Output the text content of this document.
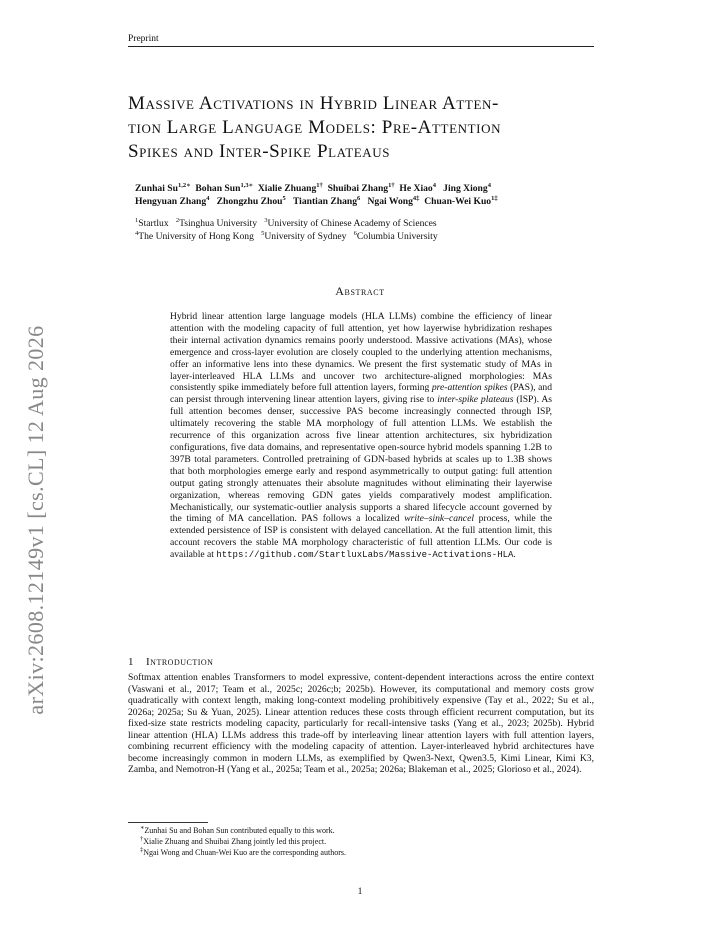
Preprint
arXiv:2608.12149v1 [cs.CL] 12 Aug 2026
Massive Activations in Hybrid Linear Atten-
tion Large Language Models: Pre-Attention
Spikes and Inter-Spike Plateaus
Zunhai $Su^{1,2∗}$  Bohan Sun$^{1,3∗}$  Xialie Zhuang$^{1\dagger}$  Shuibai Zhang$^{1\dagger}$  He Xiao$^4$   Jing Xiong$^4$
Hengyuan Zhang$^4$   Zhongzhu Zhou$^5$   Tiantian Zhang$^6$   Ngai Wong$^{4\ddagger}$  Chuan-Wei Kuo$^{1\ddagger}$
$^1$Startlux   $^2$Tsinghua University   $^3$University of Chinese Academy of Sciences
$^4$The University of Hong Kong   $^5$University of Sydney   $^6$Columbia University
Abstract
Hybrid linear attention large language models (HLA LLMs) combine the efficiency of linear attention with the modeling capacity of full attention, yet how layerwise hybridization reshapes their internal activation dynamics remains poorly understood. Massive activations (MAs), whose emergence and cross-layer evolution are closely coupled to the underlying attention mechanisms, offer an informative lens into these dynamics. We present the first systematic study of MAs in layer-interleaved HLA LLMs and uncover two architecture-aligned morphologies: MAs consistently spike immediately before full attention layers, forming pre-attention spikes (PAS), and can persist through intervening linear attention layers, giving rise to inter-spike plateaus (ISP). As full attention becomes denser, successive PAS become increasingly connected through ISP, ultimately recovering the stable MA morphology of full attention LLMs. We establish the recurrence of this organization across five linear attention architectures, six hybridization configurations, five data domains, and representative open-source hybrid models spanning 1.2B to 397B total parameters. Controlled pretraining of GDN-based hybrids at scales up to 1.3B shows that both morphologies emerge early and respond asymmetrically to output gating: full attention output gating strongly attenuates their absolute magnitudes without eliminating their layerwise organization, whereas removing GDN gates yields comparatively modest amplification. Mechanistically, our systematic-outlier analysis supports a shared lifecycle account governed by the timing of MA cancellation. PAS follows a localized write–sink–cancel process, while the extended persistence of ISP is consistent with delayed cancellation. At the full attention limit, this account recovers the stable MA morphology characteristic of full attention LLMs. Our code is available at https://github.com/StartluxLabs/Massive-Activations-HLA.
1 Introduction
Softmax attention enables Transformers to model expressive, content-dependent interactions across the entire context (Vaswani et al., 2017; Team et al., 2025c; 2026c;b; 2025b). However, its computational and memory costs grow quadratically with context length, making long-context modeling prohibitively expensive (Tay et al., 2022; Su et al., 2026a; 2025a; Su & Yuan, 2025). Linear attention reduces these costs through efficient recurrent computation, but its fixed-size state restricts modeling capacity, particularly for recall-intensive tasks (Yang et al., 2023; 2025b). Hybrid linear attention (HLA) LLMs address this trade-off by interleaving linear attention layers with full attention layers, combining recurrent efficiency with the modeling capacity of attention. Layer-interleaved hybrid architectures have become increasingly common in modern LLMs, as exemplified by Qwen3-Next, Qwen3.5, Kimi Linear, Kimi K3, Zamba, and Nemotron-H (Yang et al., 2025a; Team et al., 2025a; 2026a; Blakeman et al., 2025; Glorioso et al., 2024).
∗Zunhai Su and Bohan Sun contributed equally to this work.
†Xialie Zhuang and Shuibai Zhang jointly led this project.
‡Ngai Wong and Chuan-Wei Kuo are the corresponding authors.
1
